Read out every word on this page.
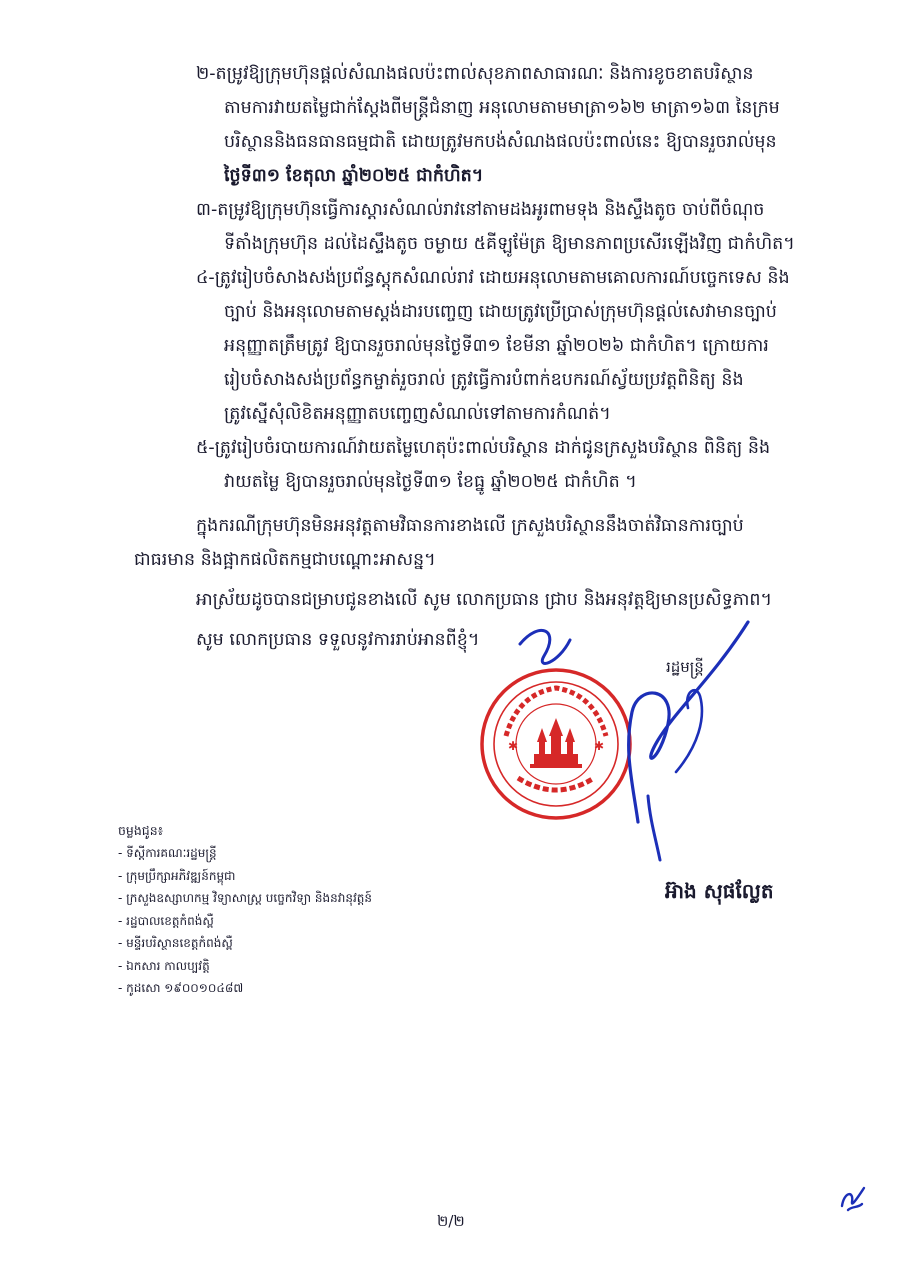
២-តម្រូវឱ្យក្រុមហ៊ុនផ្តល់សំណងផលប៉ះពាល់សុខភាពសាធារណៈ និងការខូចខាតបរិស្ថាន
តាមការវាយតម្លៃជាក់ស្តែងពីមន្ត្រីជំនាញ អនុលោមតាមមាត្រា១៦២ មាត្រា១៦៣ នៃក្រម
បរិស្ថាននិងធនធានធម្មជាតិ ដោយត្រូវមកបង់សំណងផលប៉ះពាល់នេះ ឱ្យបានរួចរាល់មុន
ថ្ងៃទី៣១ ខែតុលា ឆ្នាំ២០២៥ ជាកំហិត។
៣-តម្រូវឱ្យក្រុមហ៊ុនធ្វើការស្តារសំណល់រាវនៅតាមដងអូរពាមទុង និងស្ទឹងតូច ចាប់ពីចំណុច
ទីតាំងក្រុមហ៊ុន ដល់ដៃស្ទឹងតូច ចម្ងាយ ៥គីឡូម៉ែត្រ ឱ្យមានភាពប្រសើរឡើងវិញ ជាកំហិត។
៤-ត្រូវរៀបចំសាងសង់ប្រព័ន្ធស្តុកសំណល់រាវ ដោយអនុលោមតាមគោលការណ៍បច្ចេកទេស និង
ច្បាប់ និងអនុលោមតាមស្តង់ដារបញ្ចេញ ដោយត្រូវប្រើប្រាស់ក្រុមហ៊ុនផ្តល់សេវាមានច្បាប់
អនុញ្ញាតត្រឹមត្រូវ ឱ្យបានរួចរាល់មុនថ្ងៃទី៣១ ខែមីនា ឆ្នាំ២០២៦ ជាកំហិត។ ក្រោយការ
រៀបចំសាងសង់ប្រព័ន្ធកម្ចាត់រួចរាល់ ត្រូវធ្វើការបំពាក់ឧបករណ៍ស្វ័យប្រវត្តពិនិត្យ និង
ត្រូវស្នើសុំលិខិតអនុញ្ញាតបញ្ចេញសំណល់ទៅតាមការកំណត់។
៥-ត្រូវរៀបចំរបាយការណ៍វាយតម្លៃហេតុប៉ះពាល់បរិស្ថាន ដាក់ជូនក្រសួងបរិស្ថាន ពិនិត្យ និង
វាយតម្លៃ ឱ្យបានរួចរាល់មុនថ្ងៃទី៣១ ខែធ្នូ ឆ្នាំ២០២៥ ជាកំហិត ។
ក្នុងករណីក្រុមហ៊ុនមិនអនុវត្តតាមវិធានការខាងលើ ក្រសួងបរិស្ថាននឹងចាត់វិធានការច្បាប់
ជាធរមាន និងផ្អាកផលិតកម្មជាបណ្តោះអាសន្ន។
អាស្រ័យដូចបានជម្រាបជូនខាងលើ សូម លោកប្រធាន ជ្រាប និងអនុវត្តឱ្យមានប្រសិទ្ធភាព។
សូម លោកប្រធាន ទទួលនូវការរាប់អានពីខ្ញុំ។
រដ្ឋមន្ត្រី
✱	✱
អ៊ាង សុផល្លែត
ចម្លងជូន៖
- ទីស្តីការគណៈរដ្ឋមន្ត្រី
- ក្រុមប្រឹក្សាអភិវឌ្ឍន៍កម្ពុជា
- ក្រសួងឧស្សាហកម្ម វិទ្យាសាស្ត្រ បច្ចេកវិទ្យា និងនវានុវត្តន៍
- រដ្ឋបាលខេត្តកំពង់ស្ពឺ
- មន្ទីរបរិស្ថានខេត្តកំពង់ស្ពឺ
- ឯកសារ កាលប្បវត្តិ
- កូដសោ ១៩០០១០៤៨៧
២/២
